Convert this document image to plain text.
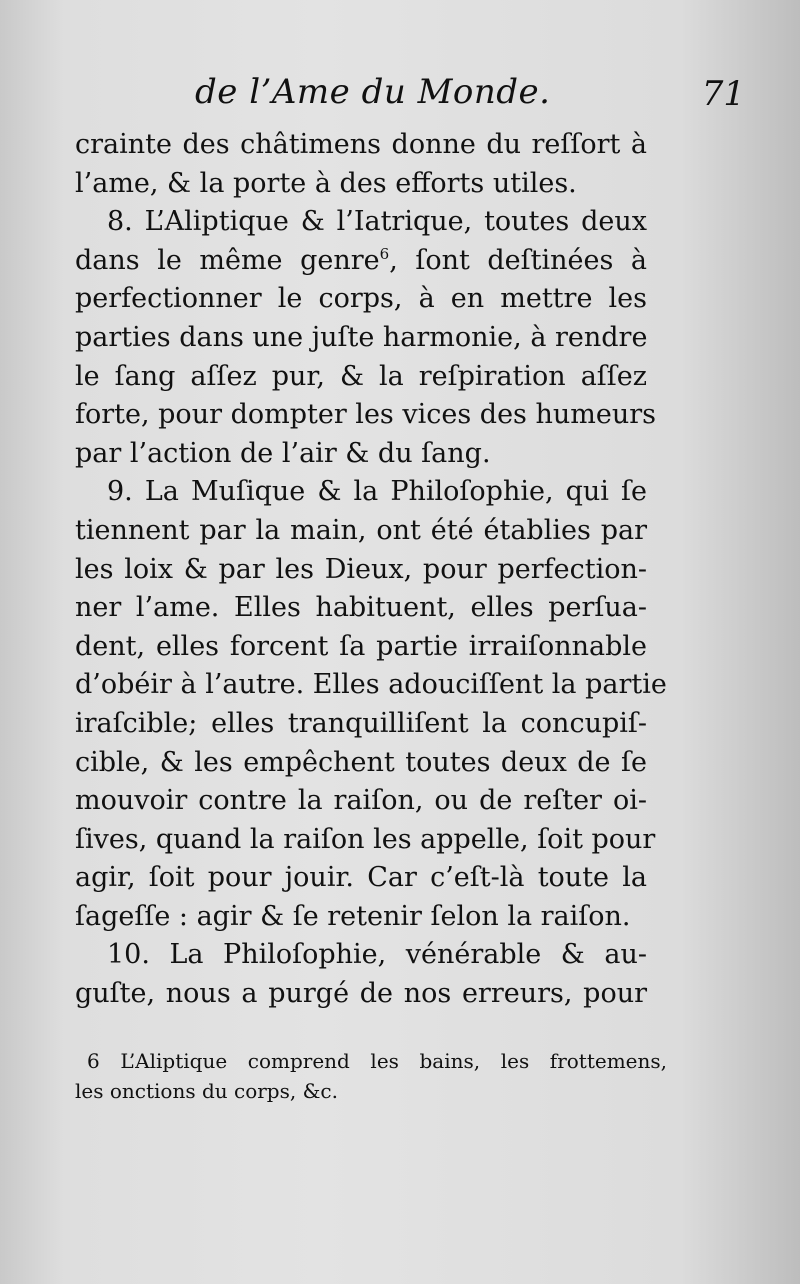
de l’Ame du Monde.	71
crainte des châtimens donne du reſſort à
l’ame, & la porte à des efforts utiles.
8. L’Aliptique & l’Iatrique, toutes deux
dans le même genre$^6$, ſont deſtinées à
perfectionner le corps, à en mettre les
parties dans une juſte harmonie, à rendre
le ſang aſſez pur, & la reſpiration aſſez
forte, pour dompter les vices des humeurs
par l’action de l’air & du ſang.
9. La Muſique & la Philoſophie, qui ſe
tiennent par la main, ont été établies par
les loix & par les Dieux, pour perfection-
ner l’ame. Elles habituent, elles perſua-
dent, elles forcent ſa partie irraiſonnable
d’obéir à l’autre. Elles adouciſſent la partie
iraſcible; elles tranquilliſent la concupiſ-
cible, & les empêchent toutes deux de ſe
mouvoir contre la raiſon, ou de reſter oi-
ſives, quand la raiſon les appelle, ſoit pour
agir, ſoit pour jouir. Car c’eſt-là toute la
ſageſſe : agir & ſe retenir ſelon la raiſon.
10. La Philoſophie, vénérable & au-
guſte, nous a purgé de nos erreurs, pour
6 L’Aliptique comprend les bains, les frottemens,
les onctions du corps, &c.
